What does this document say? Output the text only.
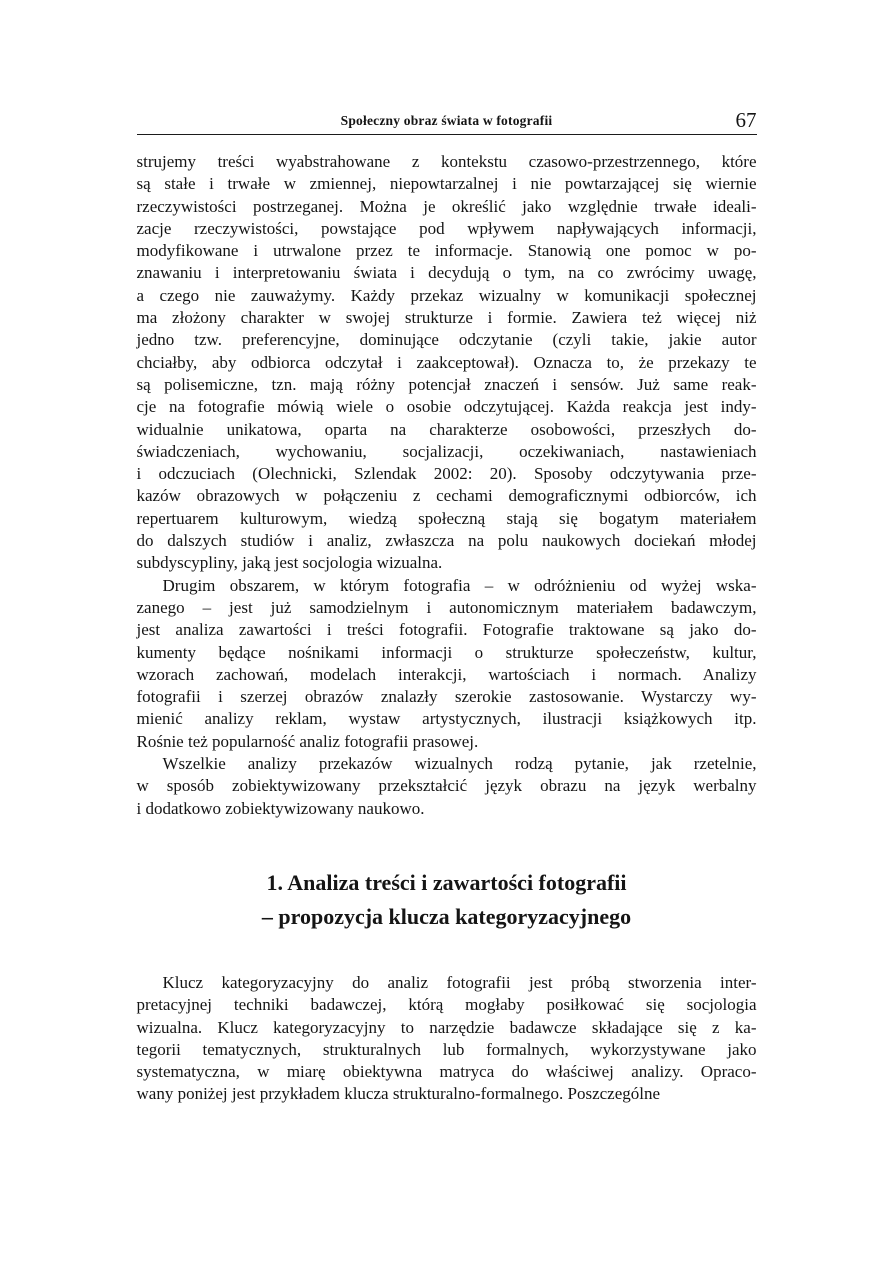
Społeczny obraz świata w fotografii	67
strujemy treści wyabstrahowane z kontekstu czasowo-przestrzennego, które
są stałe i trwałe w zmiennej, niepowtarzalnej i nie powtarzającej się wiernie
rzeczywistości postrzeganej. Można je określić jako względnie trwałe ideali-
zacje rzeczywistości, powstające pod wpływem napływających informacji,
modyfikowane i utrwalone przez te informacje. Stanowią one pomoc w po-
znawaniu i interpretowaniu świata i decydują o tym, na co zwrócimy uwagę,
a czego nie zauważymy. Każdy przekaz wizualny w komunikacji społecznej
ma złożony charakter w swojej strukturze i formie. Zawiera też więcej niż
jedno tzw. preferencyjne, dominujące odczytanie (czyli takie, jakie autor
chciałby, aby odbiorca odczytał i zaakceptował). Oznacza to, że przekazy te
są polisemiczne, tzn. mają różny potencjał znaczeń i sensów. Już same reak-
cje na fotografie mówią wiele o osobie odczytującej. Każda reakcja jest indy-
widualnie unikatowa, oparta na charakterze osobowości, przeszłych do-
świadczeniach, wychowaniu, socjalizacji, oczekiwaniach, nastawieniach
i odczuciach (Olechnicki, Szlendak 2002: 20). Sposoby odczytywania prze-
kazów obrazowych w połączeniu z cechami demograficznymi odbiorców, ich
repertuarem kulturowym, wiedzą społeczną stają się bogatym materiałem
do dalszych studiów i analiz, zwłaszcza na polu naukowych dociekań młodej
subdyscypliny, jaką jest socjologia wizualna.
Drugim obszarem, w którym fotografia – w odróżnieniu od wyżej wska-
zanego – jest już samodzielnym i autonomicznym materiałem badawczym,
jest analiza zawartości i treści fotografii. Fotografie traktowane są jako do-
kumenty będące nośnikami informacji o strukturze społeczeństw, kultur,
wzorach zachowań, modelach interakcji, wartościach i normach. Analizy
fotografii i szerzej obrazów znalazły szerokie zastosowanie. Wystarczy wy-
mienić analizy reklam, wystaw artystycznych, ilustracji książkowych itp.
Rośnie też popularność analiz fotografii prasowej.
Wszelkie analizy przekazów wizualnych rodzą pytanie, jak rzetelnie,
w sposób zobiektywizowany przekształcić język obrazu na język werbalny
i dodatkowo zobiektywizowany naukowo.
1. Analiza treści i zawartości fotografii
– propozycja klucza kategoryzacyjnego
Klucz kategoryzacyjny do analiz fotografii jest próbą stworzenia inter-
pretacyjnej techniki badawczej, którą mogłaby posiłkować się socjologia
wizualna. Klucz kategoryzacyjny to narzędzie badawcze składające się z ka-
tegorii tematycznych, strukturalnych lub formalnych, wykorzystywane jako
systematyczna, w miarę obiektywna matryca do właściwej analizy. Opraco-
wany poniżej jest przykładem klucza strukturalno-formalnego. Poszczególne
